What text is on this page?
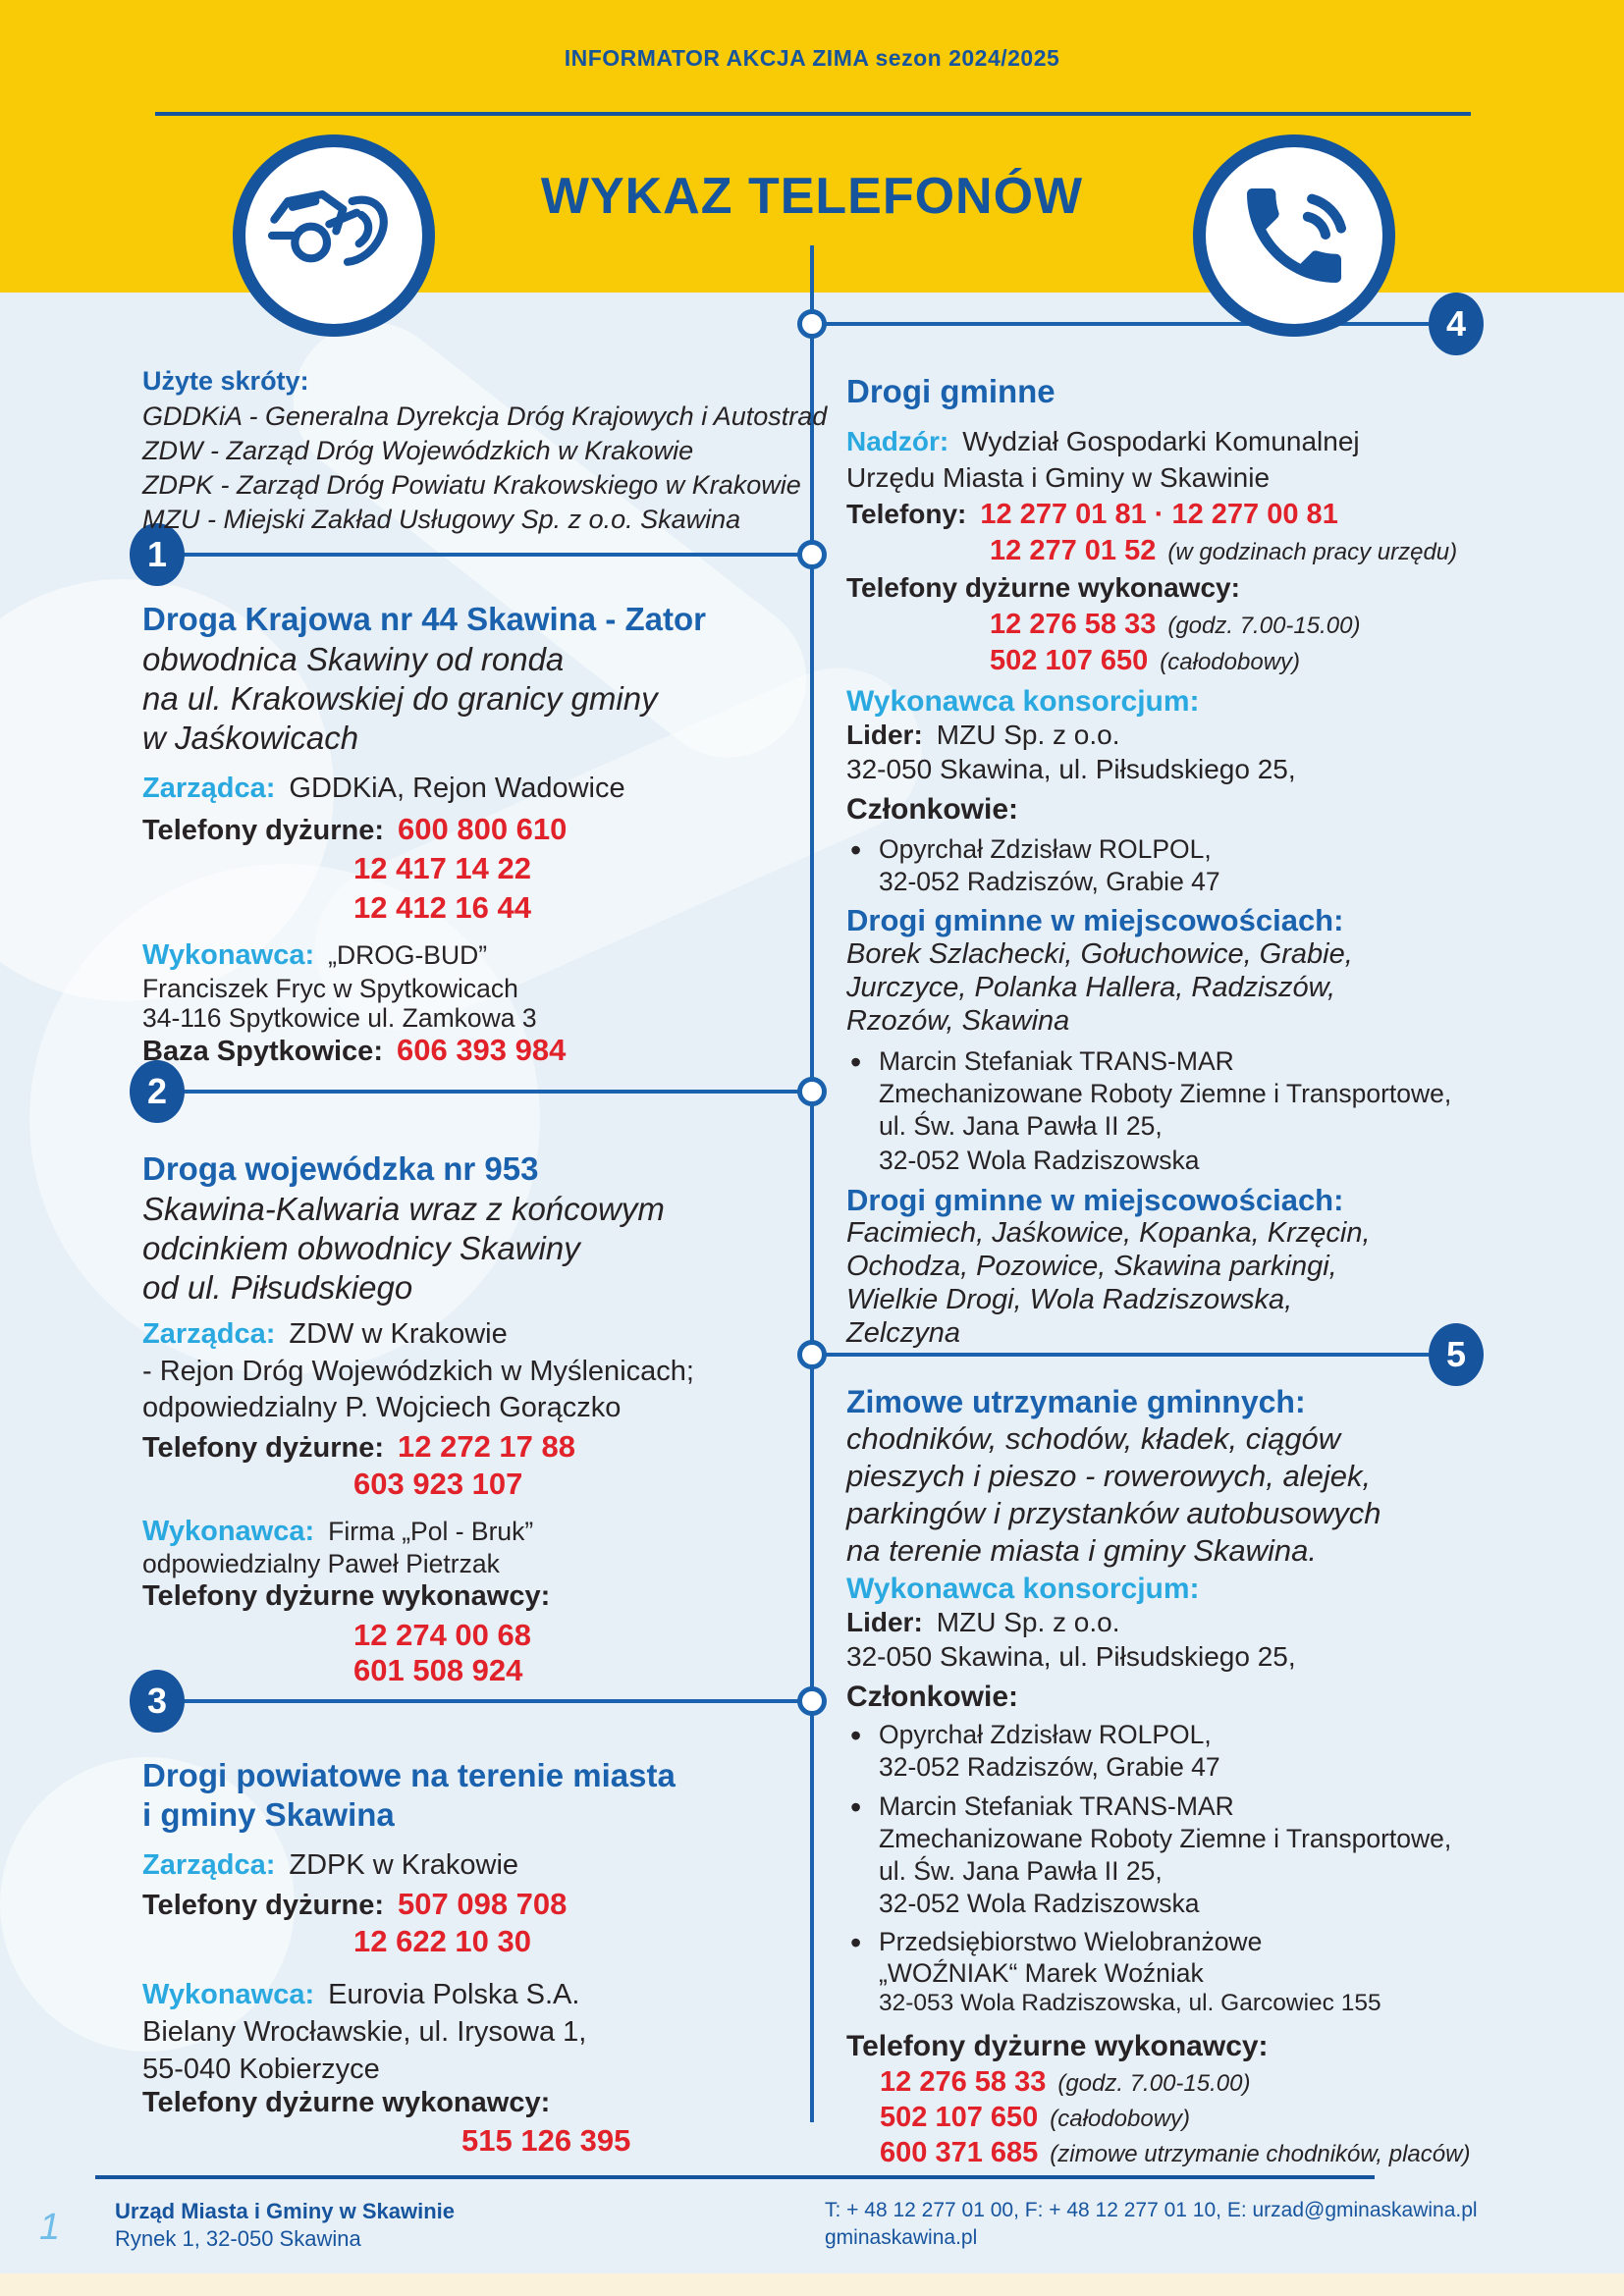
INFORMATOR AKCJA ZIMA sezon 2024/2025
WYKAZ TELEFONÓW
4
1
2
5
3
Użyte skróty:
GDDKiA - Generalna Dyrekcja Dróg Krajowych i Autostrad
ZDW - Zarząd Dróg Wojewódzkich w Krakowie
ZDPK - Zarząd Dróg Powiatu Krakowskiego w Krakowie
MZU - Miejski Zakład Usługowy Sp. z o.o. Skawina
Droga Krajowa nr 44 Skawina - Zator
obwodnica Skawiny od ronda
na ul. Krakowskiej do granicy gminy
w Jaśkowicach
Zarządca: GDDKiA, Rejon Wadowice
Telefony dyżurne: 600 800 610
12 417 14 22
12 412 16 44
Wykonawca: „DROG-BUD”
Franciszek Fryc w Spytkowicach
34-116 Spytkowice ul. Zamkowa 3
Baza Spytkowice: 606 393 984
Droga wojewódzka nr 953
Skawina-Kalwaria wraz z końcowym
odcinkiem obwodnicy Skawiny
od ul. Piłsudskiego
Zarządca: ZDW w Krakowie
- Rejon Dróg Wojewódzkich w Myślenicach;
odpowiedzialny P. Wojciech Gorączko
Telefony dyżurne: 12 272 17 88
603 923 107
Wykonawca: Firma „Pol - Bruk”
odpowiedzialny Paweł Pietrzak
Telefony dyżurne wykonawcy:
12 274 00 68
601 508 924
Drogi powiatowe na terenie miasta
i gminy Skawina
Zarządca: ZDPK w Krakowie
Telefony dyżurne: 507 098 708
12 622 10 30
Wykonawca: Eurovia Polska S.A.
Bielany Wrocławskie, ul. Irysowa 1,
55-040 Kobierzyce
Telefony dyżurne wykonawcy:
515 126 395
Drogi gminne
Nadzór: Wydział Gospodarki Komunalnej
Urzędu Miasta i Gminy w Skawinie
Telefony: 12 277 01 81 · 12 277 00 81
12 277 01 52 (w godzinach pracy urzędu)
Telefony dyżurne wykonawcy:
12 276 58 33 (godz. 7.00-15.00)
502 107 650 (całodobowy)
Wykonawca konsorcjum:
Lider: MZU Sp. z o.o.
32-050 Skawina, ul. Piłsudskiego 25,
Członkowie:
• Opyrchał Zdzisław ROLPOL,
32-052 Radziszów, Grabie 47
Drogi gminne w miejscowościach:
Borek Szlachecki, Gołuchowice, Grabie,
Jurczyce, Polanka Hallera, Radziszów,
Rzozów, Skawina
• Marcin Stefaniak TRANS-MAR
Zmechanizowane Roboty Ziemne i Transportowe,
ul. Św. Jana Pawła II 25,
32-052 Wola Radziszowska
Drogi gminne w miejscowościach:
Facimiech, Jaśkowice, Kopanka, Krzęcin,
Ochodza, Pozowice, Skawina parkingi,
Wielkie Drogi, Wola Radziszowska,
Zelczyna
Zimowe utrzymanie gminnych:
chodników, schodów, kładek, ciągów
pieszych i pieszo - rowerowych, alejek,
parkingów i przystanków autobusowych
na terenie miasta i gminy Skawina.
Wykonawca konsorcjum:
Lider: MZU Sp. z o.o.
32-050 Skawina, ul. Piłsudskiego 25,
Członkowie:
• Opyrchał Zdzisław ROLPOL,
32-052 Radziszów, Grabie 47
• Marcin Stefaniak TRANS-MAR
Zmechanizowane Roboty Ziemne i Transportowe,
ul. Św. Jana Pawła II 25,
32-052 Wola Radziszowska
• Przedsiębiorstwo Wielobranżowe
„WOŹNIAK“ Marek Woźniak
32-053 Wola Radziszowska, ul. Garcowiec 155
Telefony dyżurne wykonawcy:
12 276 58 33 (godz. 7.00-15.00)
502 107 650 (całodobowy)
600 371 685 (zimowe utrzymanie chodników, placów)
1	Urząd Miasta i Gminy w Skawinie
Rynek 1, 32-050 Skawina
T: + 48 12 277 01 00, F: + 48 12 277 01 10, E: urzad@gminaskawina.pl
gminaskawina.pl
